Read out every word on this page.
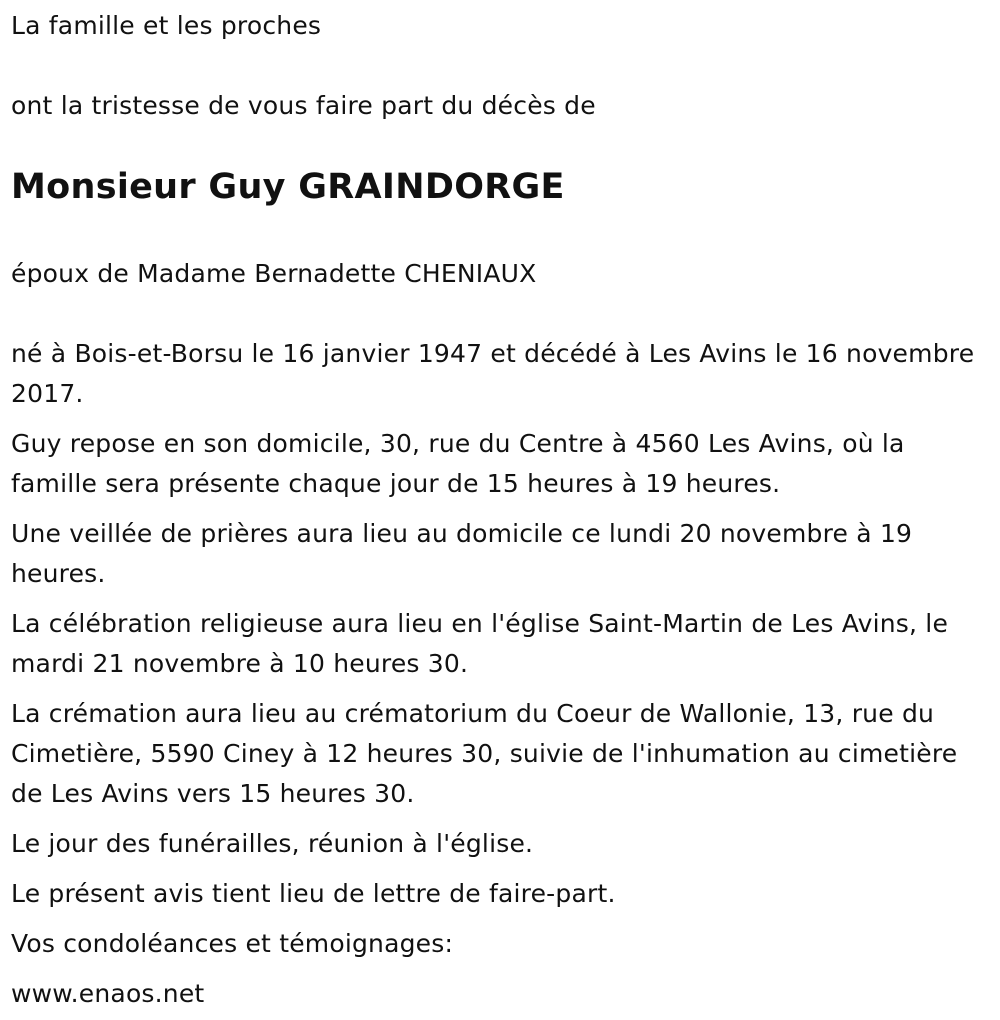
La famille et les proches

ont la tristesse de vous faire part du décès de

Monsieur Guy GRAINDORGE

époux de Madame Bernadette CHENIAUX

né à Bois-et-Borsu le 16 janvier 1947 et décédé à Les Avins le 16 novembre 2017.

Guy repose en son domicile, 30, rue du Centre à 4560 Les Avins, où la famille sera présente chaque jour de 15 heures à 19 heures.

Une veillée de prières aura lieu au domicile ce lundi 20 novembre à 19 heures.

La célébration religieuse aura lieu en l'église Saint-Martin de Les Avins, le mardi 21 novembre à 10 heures 30.

La crémation aura lieu au crématorium du Coeur de Wallonie, 13, rue du Cimetière, 5590 Ciney à 12 heures 30, suivie de l'inhumation au cimetière de Les Avins vers 15 heures 30.

Le jour des funérailles, réunion à l'église.

Le présent avis tient lieu de lettre de faire-part.

Vos condoléances et témoignages:

www.enaos.net
